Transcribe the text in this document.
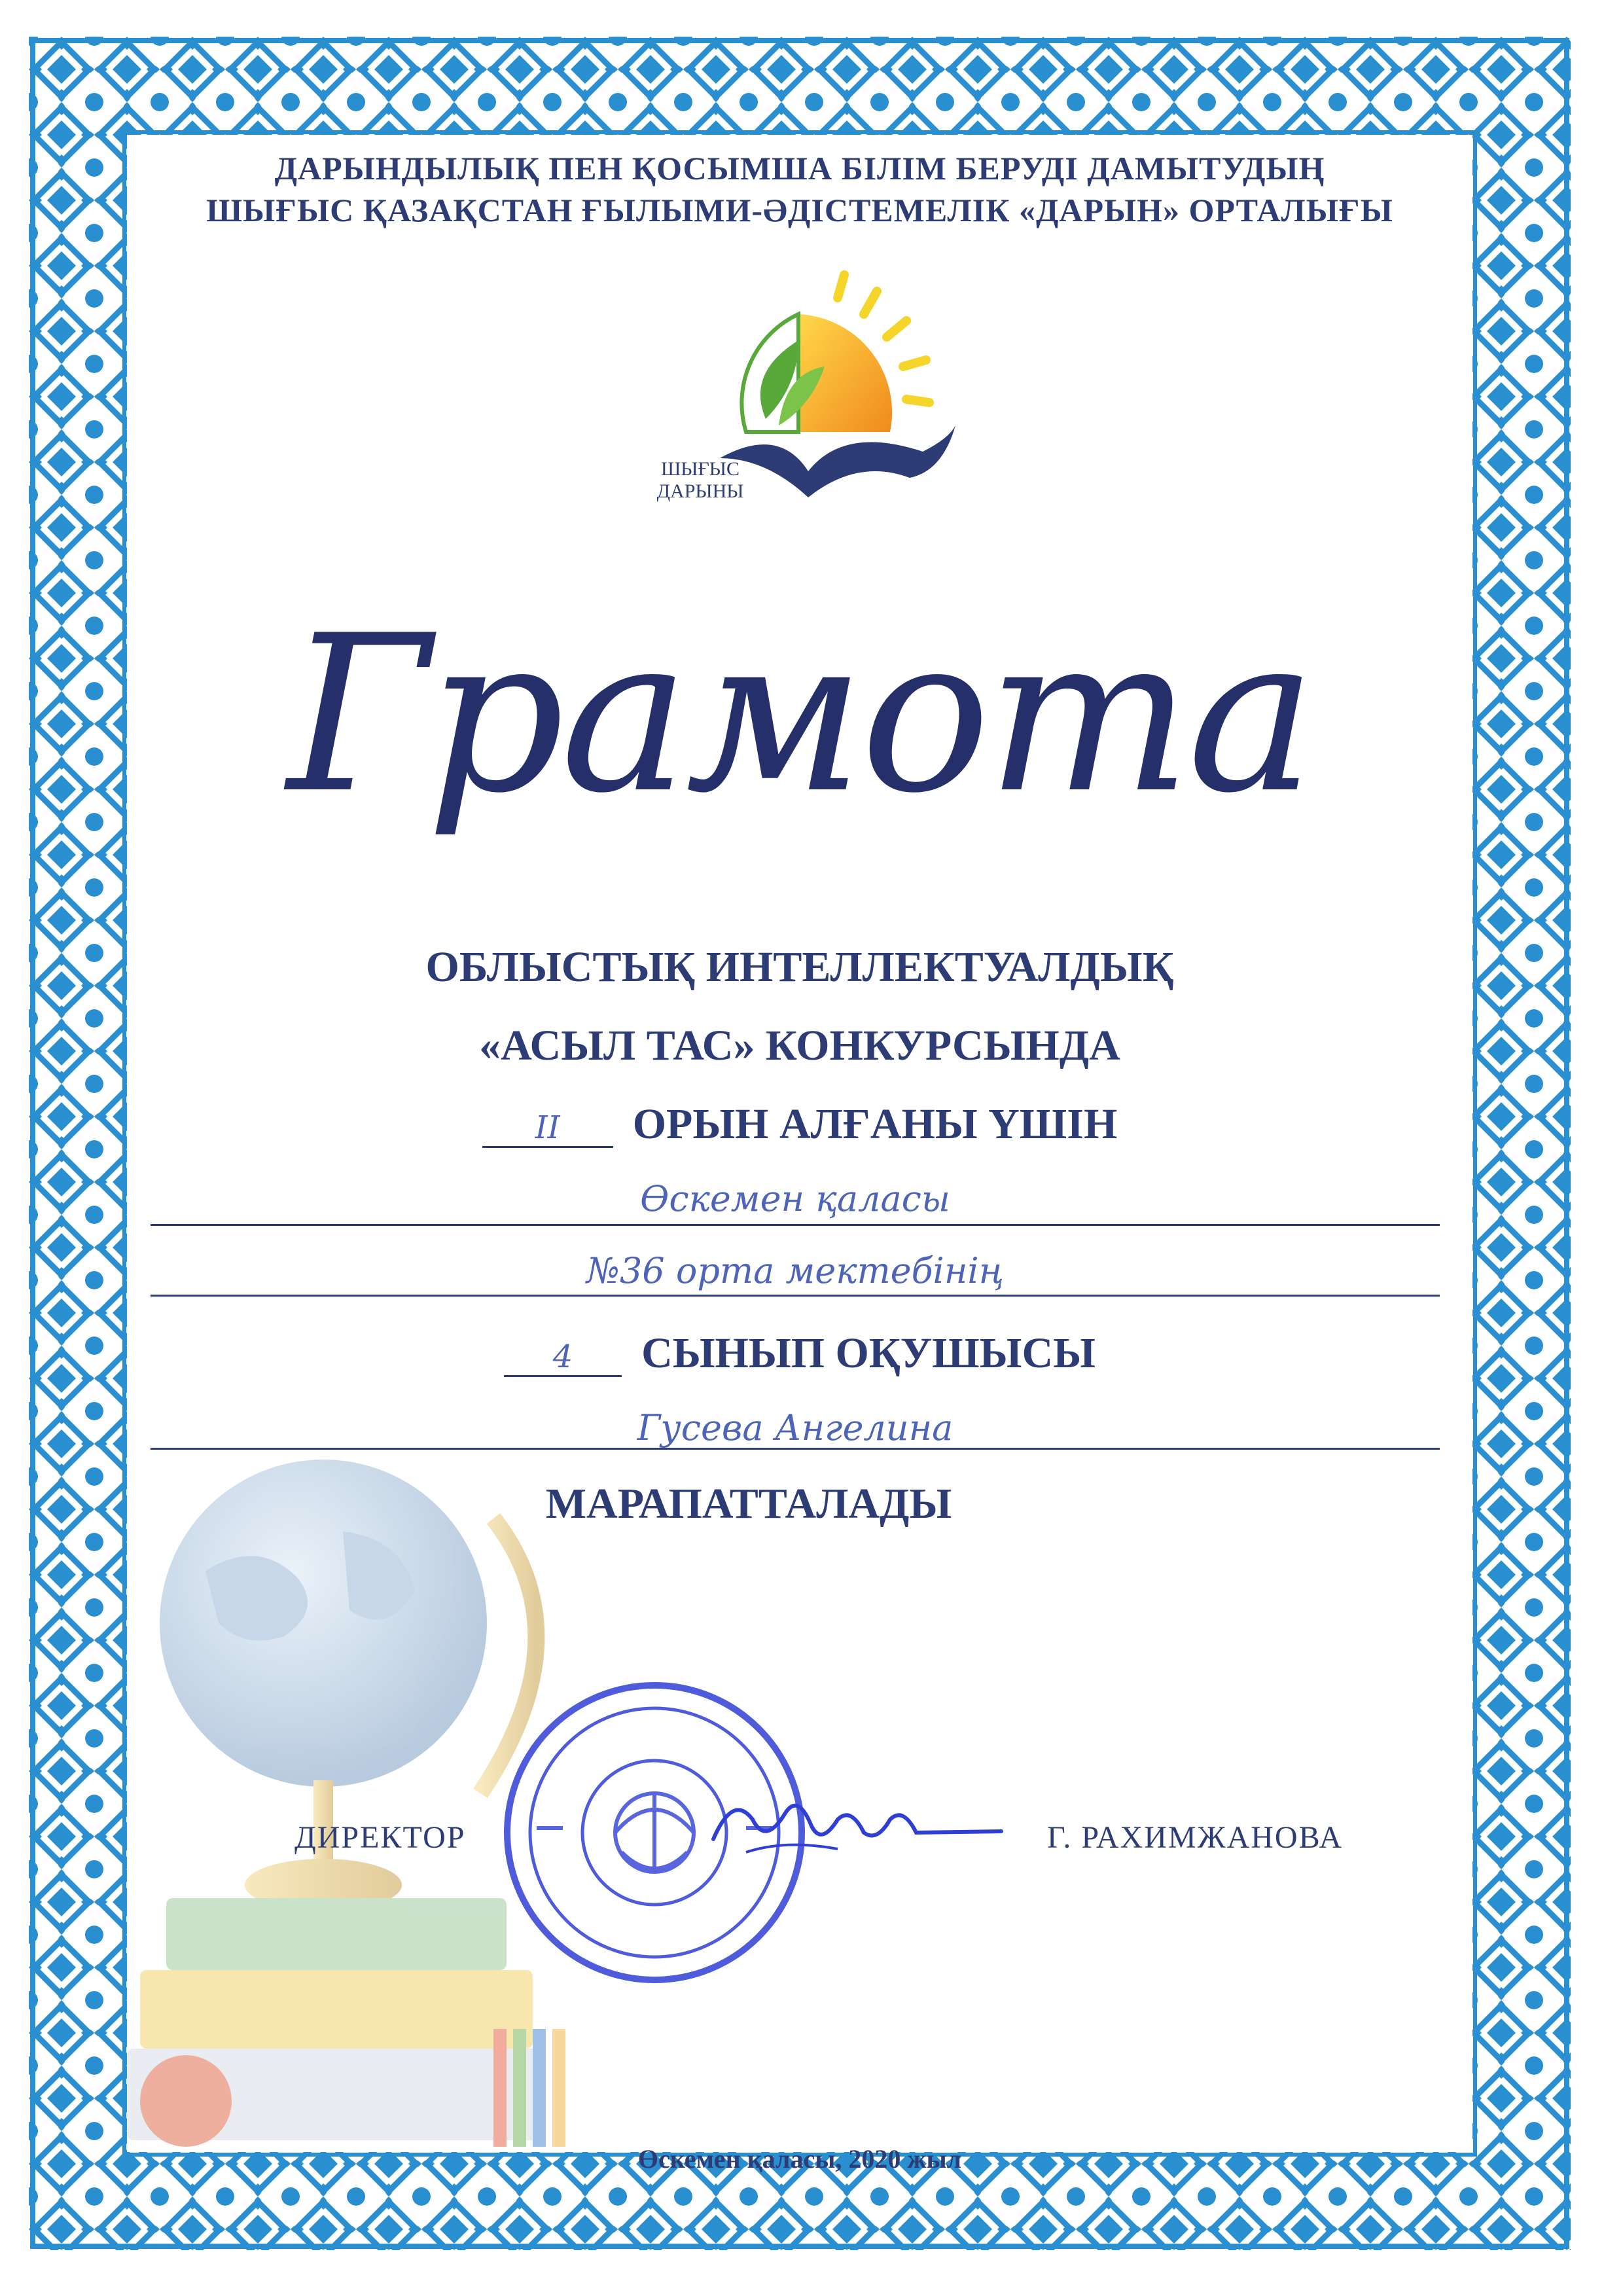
ДАРЫНДЫЛЫҚ ПЕН ҚОСЫМША БІЛІМ БЕРУДІ ДАМЫТУДЫҢ
ШЫҒЫС ҚАЗАҚСТАН ҒЫЛЫМИ-ӘДІСТЕМЕЛІК «ДАРЫН» ОРТАЛЫҒЫ
ШЫҒЫС
ДАРЫНЫ
Грамота
ОБЛЫСТЫҚ ИНТЕЛЛЕКТУАЛДЫҚ
«АСЫЛ ТАС» КОНКУРСЫНДА
II ОРЫН АЛҒАНЫ ҮШІН
Өскемен қаласы
№36 орта мектебінің
4 СЫНЫП ОҚУШЫСЫ
Гусева Ангелина
МАРАПАТТАЛАДЫ
ДИРЕКТОР	Г. РАХИМЖАНОВА
Өскемен қаласы, 2020 жыл
